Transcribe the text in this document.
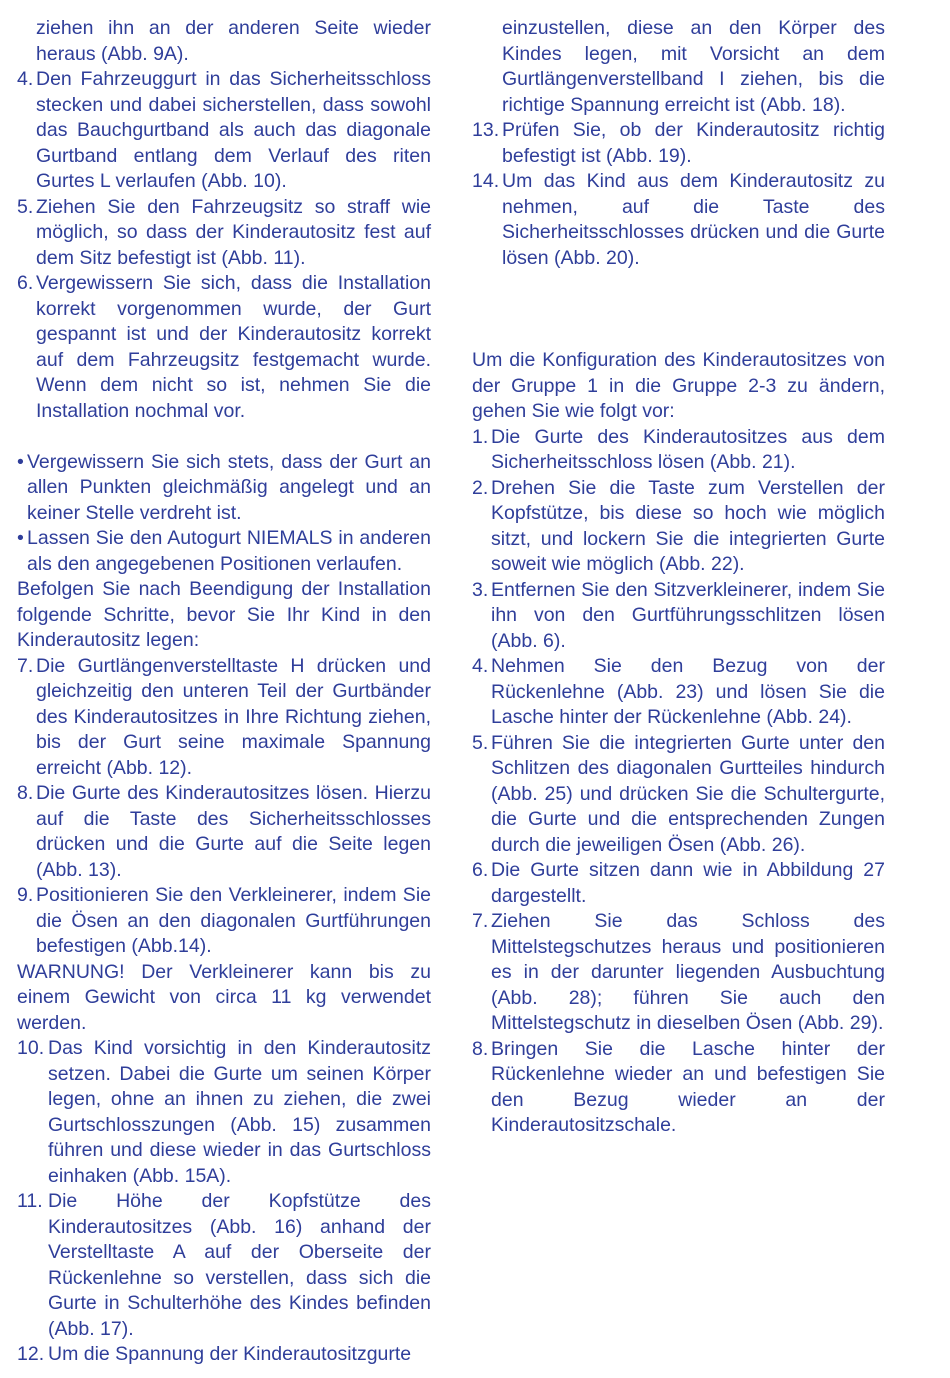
ziehen ihn an der anderen Seite wieder heraus (Abb. 9A).

4. Den Fahrzeuggurt in das Sicherheitsschloss stecken und dabei sicherstellen, dass sowohl das Bauchgurtband als auch das diagonale Gurtband entlang dem Verlauf des riten Gurtes L verlaufen (Abb. 10).

5. Ziehen Sie den Fahrzeugsitz so straff wie möglich, so dass der Kinderautositz fest auf dem Sitz befestigt ist (Abb. 11).

6. Vergewissern Sie sich, dass die Installation korrekt vorgenommen wurde, der Gurt gespannt ist und der Kinderautositz korrekt auf dem Fahrzeugsitz festgemacht wurde. Wenn dem nicht so ist, nehmen Sie die Installation nochmal vor.

• Vergewissern Sie sich stets, dass der Gurt an allen Punkten gleichmäßig angelegt und an keiner Stelle verdreht ist.

• Lassen Sie den Autogurt NIEMALS in anderen als den angegebenen Positionen verlaufen.

Befolgen Sie nach Beendigung der Installation folgende Schritte, bevor Sie Ihr Kind in den Kinderautositz legen:

7. Die Gurtlängenverstelltaste H drücken und gleichzeitig den unteren Teil der Gurtbänder des Kinderautositzes in Ihre Richtung ziehen, bis der Gurt seine maximale Spannung erreicht (Abb. 12).

8. Die Gurte des Kinderautositzes lösen. Hierzu auf die Taste des Sicherheitsschlosses drücken und die Gurte auf die Seite legen (Abb. 13).

9. Positionieren Sie den Verkleinerer, indem Sie die Ösen an den diagonalen Gurtführungen befestigen (Abb.14).

WARNUNG! Der Verkleinerer kann bis zu einem Gewicht von circa 11 kg verwendet werden.

10. Das Kind vorsichtig in den Kinderautositz setzen. Dabei die Gurte um seinen Körper legen, ohne an ihnen zu ziehen, die zwei Gurtschlosszungen (Abb. 15) zusammen führen und diese wieder in das Gurtschloss einhaken (Abb. 15A).

11. Die Höhe der Kopfstütze des Kinderautositzes (Abb. 16) anhand der Verstelltaste A auf der Oberseite der Rückenlehne so verstellen, dass sich die Gurte in Schulterhöhe des Kindes befinden (Abb. 17).

12. Um die Spannung der Kinderautositzgurte

einzustellen, diese an den Körper des Kindes legen, mit Vorsicht an dem Gurtlängenverstellband I ziehen, bis die richtige Spannung erreicht ist (Abb. 18).

13. Prüfen Sie, ob der Kinderautositz richtig befestigt ist (Abb. 19).

14. Um das Kind aus dem Kinderautositz zu nehmen, auf die Taste des Sicherheitsschlosses drücken und die Gurte lösen (Abb. 20).

Um die Konfiguration des Kinderautositzes von der Gruppe 1 in die Gruppe 2-3 zu ändern, gehen Sie wie folgt vor:

1. Die Gurte des Kinderautositzes aus dem Sicherheitsschloss lösen (Abb. 21).

2. Drehen Sie die Taste zum Verstellen der Kopfstütze, bis diese so hoch wie möglich sitzt, und lockern Sie die integrierten Gurte soweit wie möglich (Abb. 22).

3. Entfernen Sie den Sitzverkleinerer, indem Sie ihn von den Gurtführungsschlitzen lösen (Abb. 6).

4. Nehmen Sie den Bezug von der Rückenlehne (Abb. 23) und lösen Sie die Lasche hinter der Rückenlehne (Abb. 24).

5. Führen Sie die integrierten Gurte unter den Schlitzen des diagonalen Gurtteiles hindurch (Abb. 25) und drücken Sie die Schultergurte, die Gurte und die entsprechenden Zungen durch die jeweiligen Ösen (Abb. 26).

6. Die Gurte sitzen dann wie in Abbildung 27 dargestellt.

7. Ziehen Sie das Schloss des Mittelstegschutzes heraus und positionieren es in der darunter liegenden Ausbuchtung (Abb. 28); führen Sie auch den Mittelstegschutz in dieselben Ösen (Abb. 29).

8. Bringen Sie die Lasche hinter der Rückenlehne wieder an und befestigen Sie den Bezug wieder an der Kinderautositzschale.
